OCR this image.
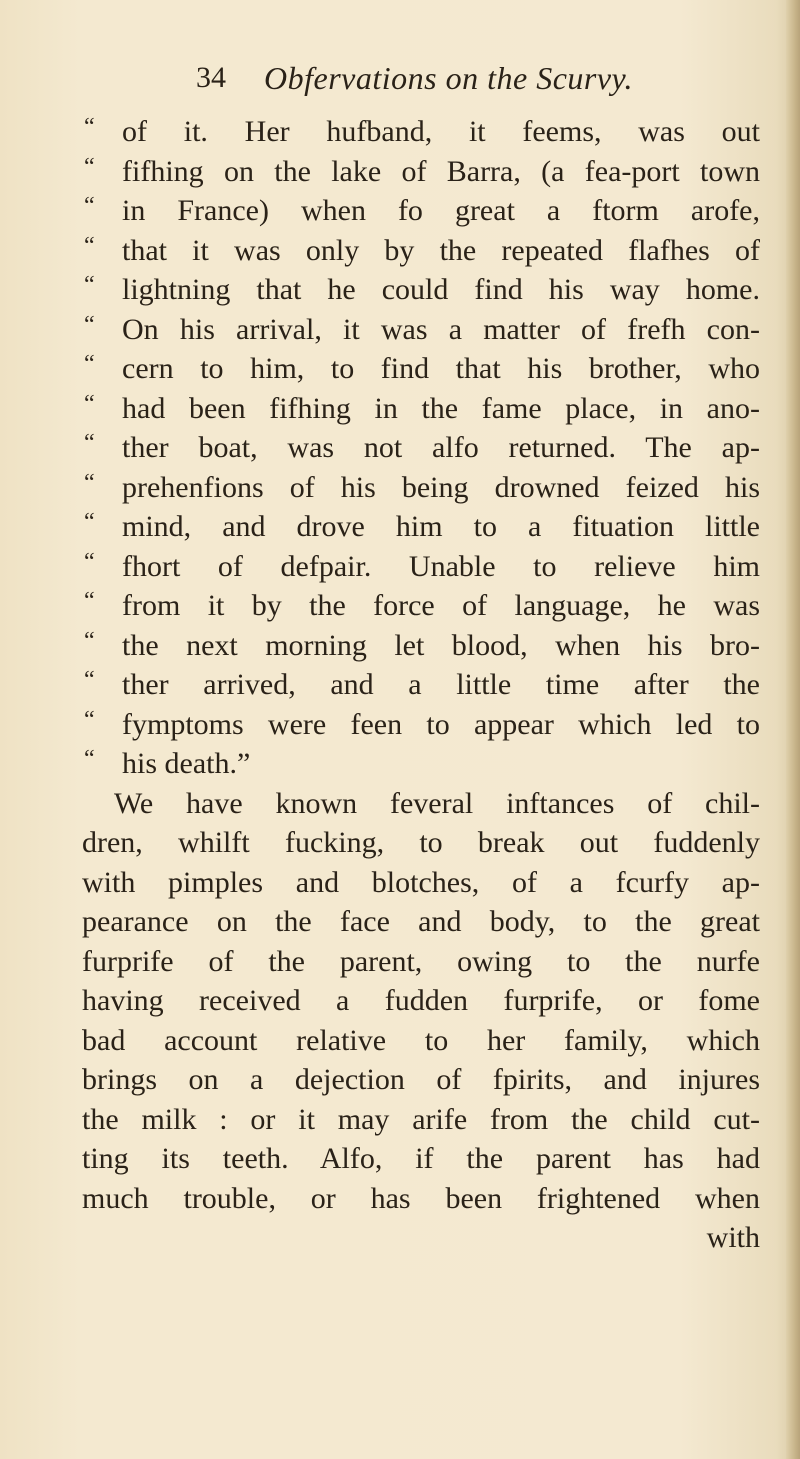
34 Obfervations on the Scurvy.
“ of it. Her hufband, it feems, was out
“ fifhing on the lake of Barra, (a fea-port town
“ in France) when fo great a ftorm arofe,
“ that it was only by the repeated flafhes of
“ lightning that he could find his way home.
“ On his arrival, it was a matter of frefh con-
“ cern to him, to find that his brother, who
“ had been fifhing in the fame place, in ano-
“ ther boat, was not alfo returned. The ap-
“ prehenfions of his being drowned feized his
“ mind, and drove him to a fituation little
“ fhort of defpair. Unable to relieve him
“ from it by the force of language, he was
“ the next morning let blood, when his bro-
“ ther arrived, and a little time after the
“ fymptoms were feen to appear which led to
“ his death.”
We have known feveral inftances of chil-
dren, whilft fucking, to break out fuddenly
with pimples and blotches, of a fcurfy ap-
pearance on the face and body, to the great
furprife of the parent, owing to the nurfe
having received a fudden furprife, or fome
bad account relative to her family, which
brings on a dejection of fpirits, and injures
the milk : or it may arife from the child cut-
ting its teeth. Alfo, if the parent has had
much trouble, or has been frightened when
with
